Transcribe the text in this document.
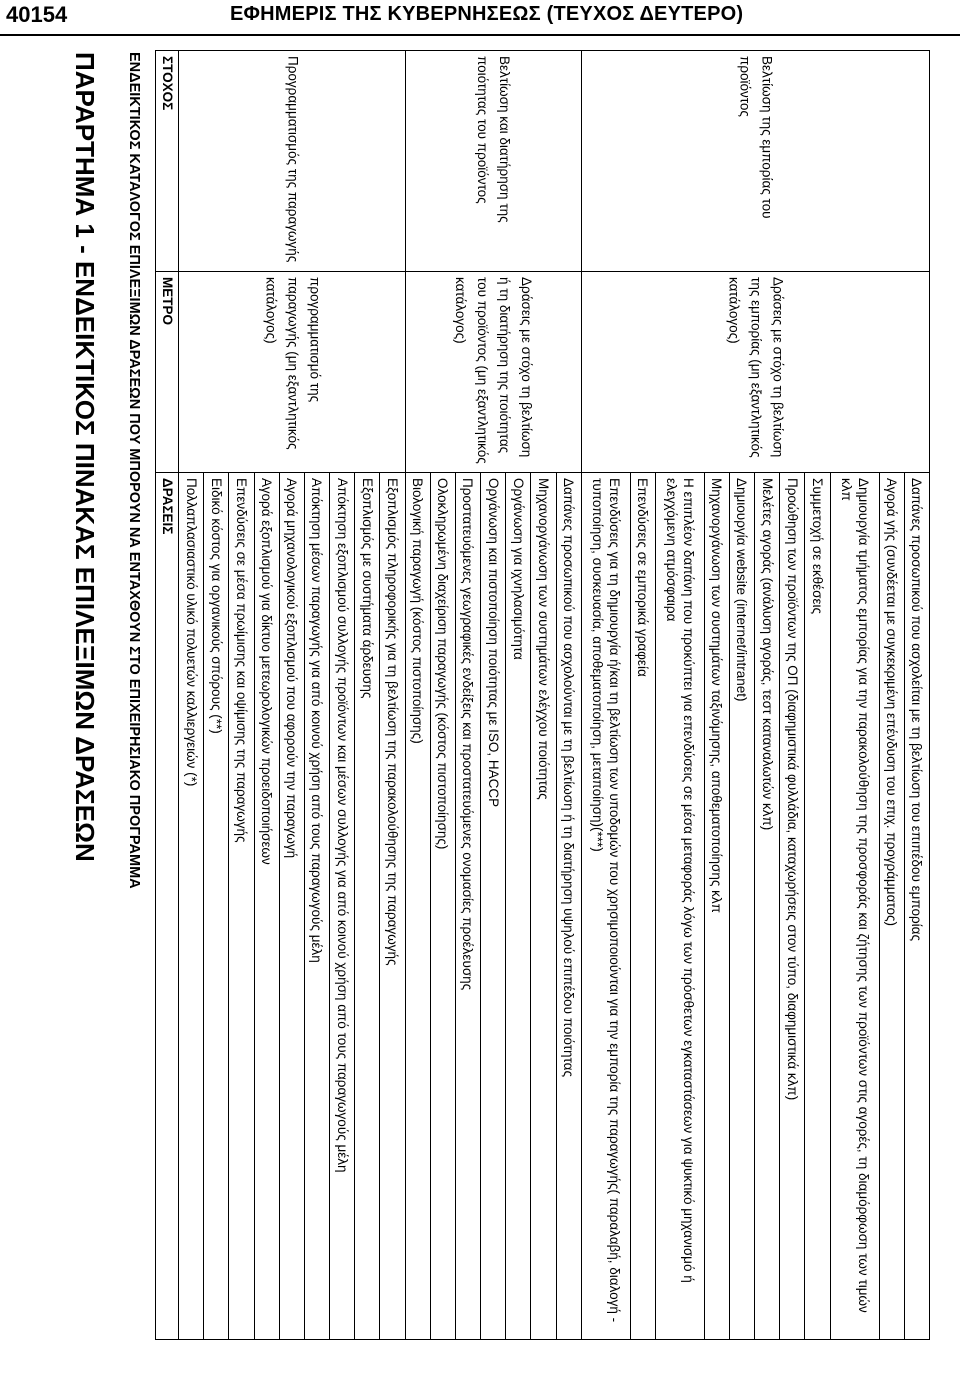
40154	ΕΦΗΜΕΡΙΣ ΤΗΣ ΚΥΒΕΡΝΗΣΕΩΣ (ΤΕΥΧΟΣ ΔΕΥΤΕΡΟ)
ΠΑΡΑΡΤΗΜΑ 1 - ΕΝΔΕΙΚΤΙΚΟΣ ΠΙΝΑΚΑΣ ΕΠΙΛΕΞΙΜΩΝ ΔΡΑΣΕΩΝ ΕΝΔΕΙΚΤΙΚΟΣ ΚΑΤΑΛΟΓΟΣ ΕΠΙΛΕΞΙΜΩΝ ΔΡΑΣΕΩΝ ΠΟΥ ΜΠΟΡΟΥΝ ΝΑ ΕΝΤΑΧΘΟΥΝ ΣΤΟ ΕΠΙΧΕΙΡΗΣΙΑΚΟ ΠΡΟΓΡΑΜΜΑ ΣΤΟΧΟΣ	ΜΕΤΡΟ	ΔΡΑΣΕΙΣ
Προγραμματισμός της παραγωγής	προγραμματισμό της παραγωγής (μη εξαντλητικός κατάλογος)	Πολλαπλασιαστικό υλικό πολυετών καλλιεργειών (*)
		Ειδικό κόστος για οργανικούς σπόρους (**)
		Επενδύσεις σε μέσα πρωίμισης και οψίμισης της παραγωγής
		Αγορά εξοπλισμού για δίκτυο μετεωρολογικών προειδοποιήσεων
		Αγορά μηχανολογικού εξοπλισμού που αφορούν την παραγωγή
		Απόκτηση μέσων παραγωγής για από κοινού χρήση από τους παραγωγούς μέλη
		Απόκτηση εξοπλισμού συλλογής προϊόντων και μέσων συλλογής για από κοινού χρήση από τους παραγωγούς μέλη
		Εξοπλισμός με συστήματα άρδευσης
		Εξοπλισμός πληροφορικής για τη βελτίωση της παρακολούθησης της παραγωγής
Βελτίωση και διατήρηση της ποιότητας του προϊόντος	Δράσεις με στόχο τη βελτίωση ή τη διατήρηση της ποιότητας του προϊόντος (μη εξαντλητικός κατάλογος)	Βιολογική παραγωγή (κόστος πιστοποίησης)
		Ολοκληρωμένη διαχείριση παραγωγής (κόστος πιστοποίησης)
		Προστατευόμενες γεωγραφικές ενδείξεις και προστατευόμενες ονομασίες προέλευσης
		Οργάνωση και πιστοποίηση ποιότητας με ISO, HACCP
		Οργάνωση για ιχνηλασιμότητα
		Μηχανοργάνωση των συστημάτων ελέγχου ποιότητας
		Δαπάνες προσωπικού που ασχολούνται με τη βελτίωση ή τη διατήρηση υψηλού επιπέδου ποιότητας
Βελτίωση της εμπορίας του προϊόντος	Δράσεις με στόχο τη βελτίωση της εμπορίας (μη εξαντλητικός κατάλογος)	Επενδύσεις για τη δημιουργία ή/και τη βελτίωση των υποδομών που χρησιμοποιούνται για την εμπορία της παραγωγής( παραλαβή, διαλογή - τυποποίηση, συσκευασία, αποθεματοποίηση, μεταποίηση)(***)
		Επενδύσεις σε εμπορικά γραφεία
		Η επιπλέον δαπάνη που προκύπτει για επενδύσεις σε μέσα μεταφοράς λόγω των πρόσθετων εγκαταστάσεων για ψυκτικό μηχανισμό ή ελεγχόμενη ατμόσφαιρα
		Μηχανοργάνωση των συστημάτων ταξινόμησης, αποθεματοποίησης κλπ
		Δημιουργία website (internet/intranet)
		Μελέτες αγοράς (ανάλυση αγοράς, τεστ καταναλωτών κλπ)
		Προώθηση των προϊόντων της ΟΠ (διαφημιστικά φυλλάδια, καταχωρήσεις στον τύπο, διαφημιστικά κλπ)
		Συμμετοχή σε εκθέσεις
		Δημιουργία τμήματος εμπορίας για την παρακολούθηση της προσφοράς και ζήτησης των προϊόντων στις αγορές, τη διαμόρφωση των τιμών κλπ
		Αγορά γής (συνδέεται με συγκεκριμένη επένδυση του επιχ. προγράμματος)
		Δαπάνες προσωπικού που ασχολείται με τη βελτίωση του επιπέδου εμπορίας
